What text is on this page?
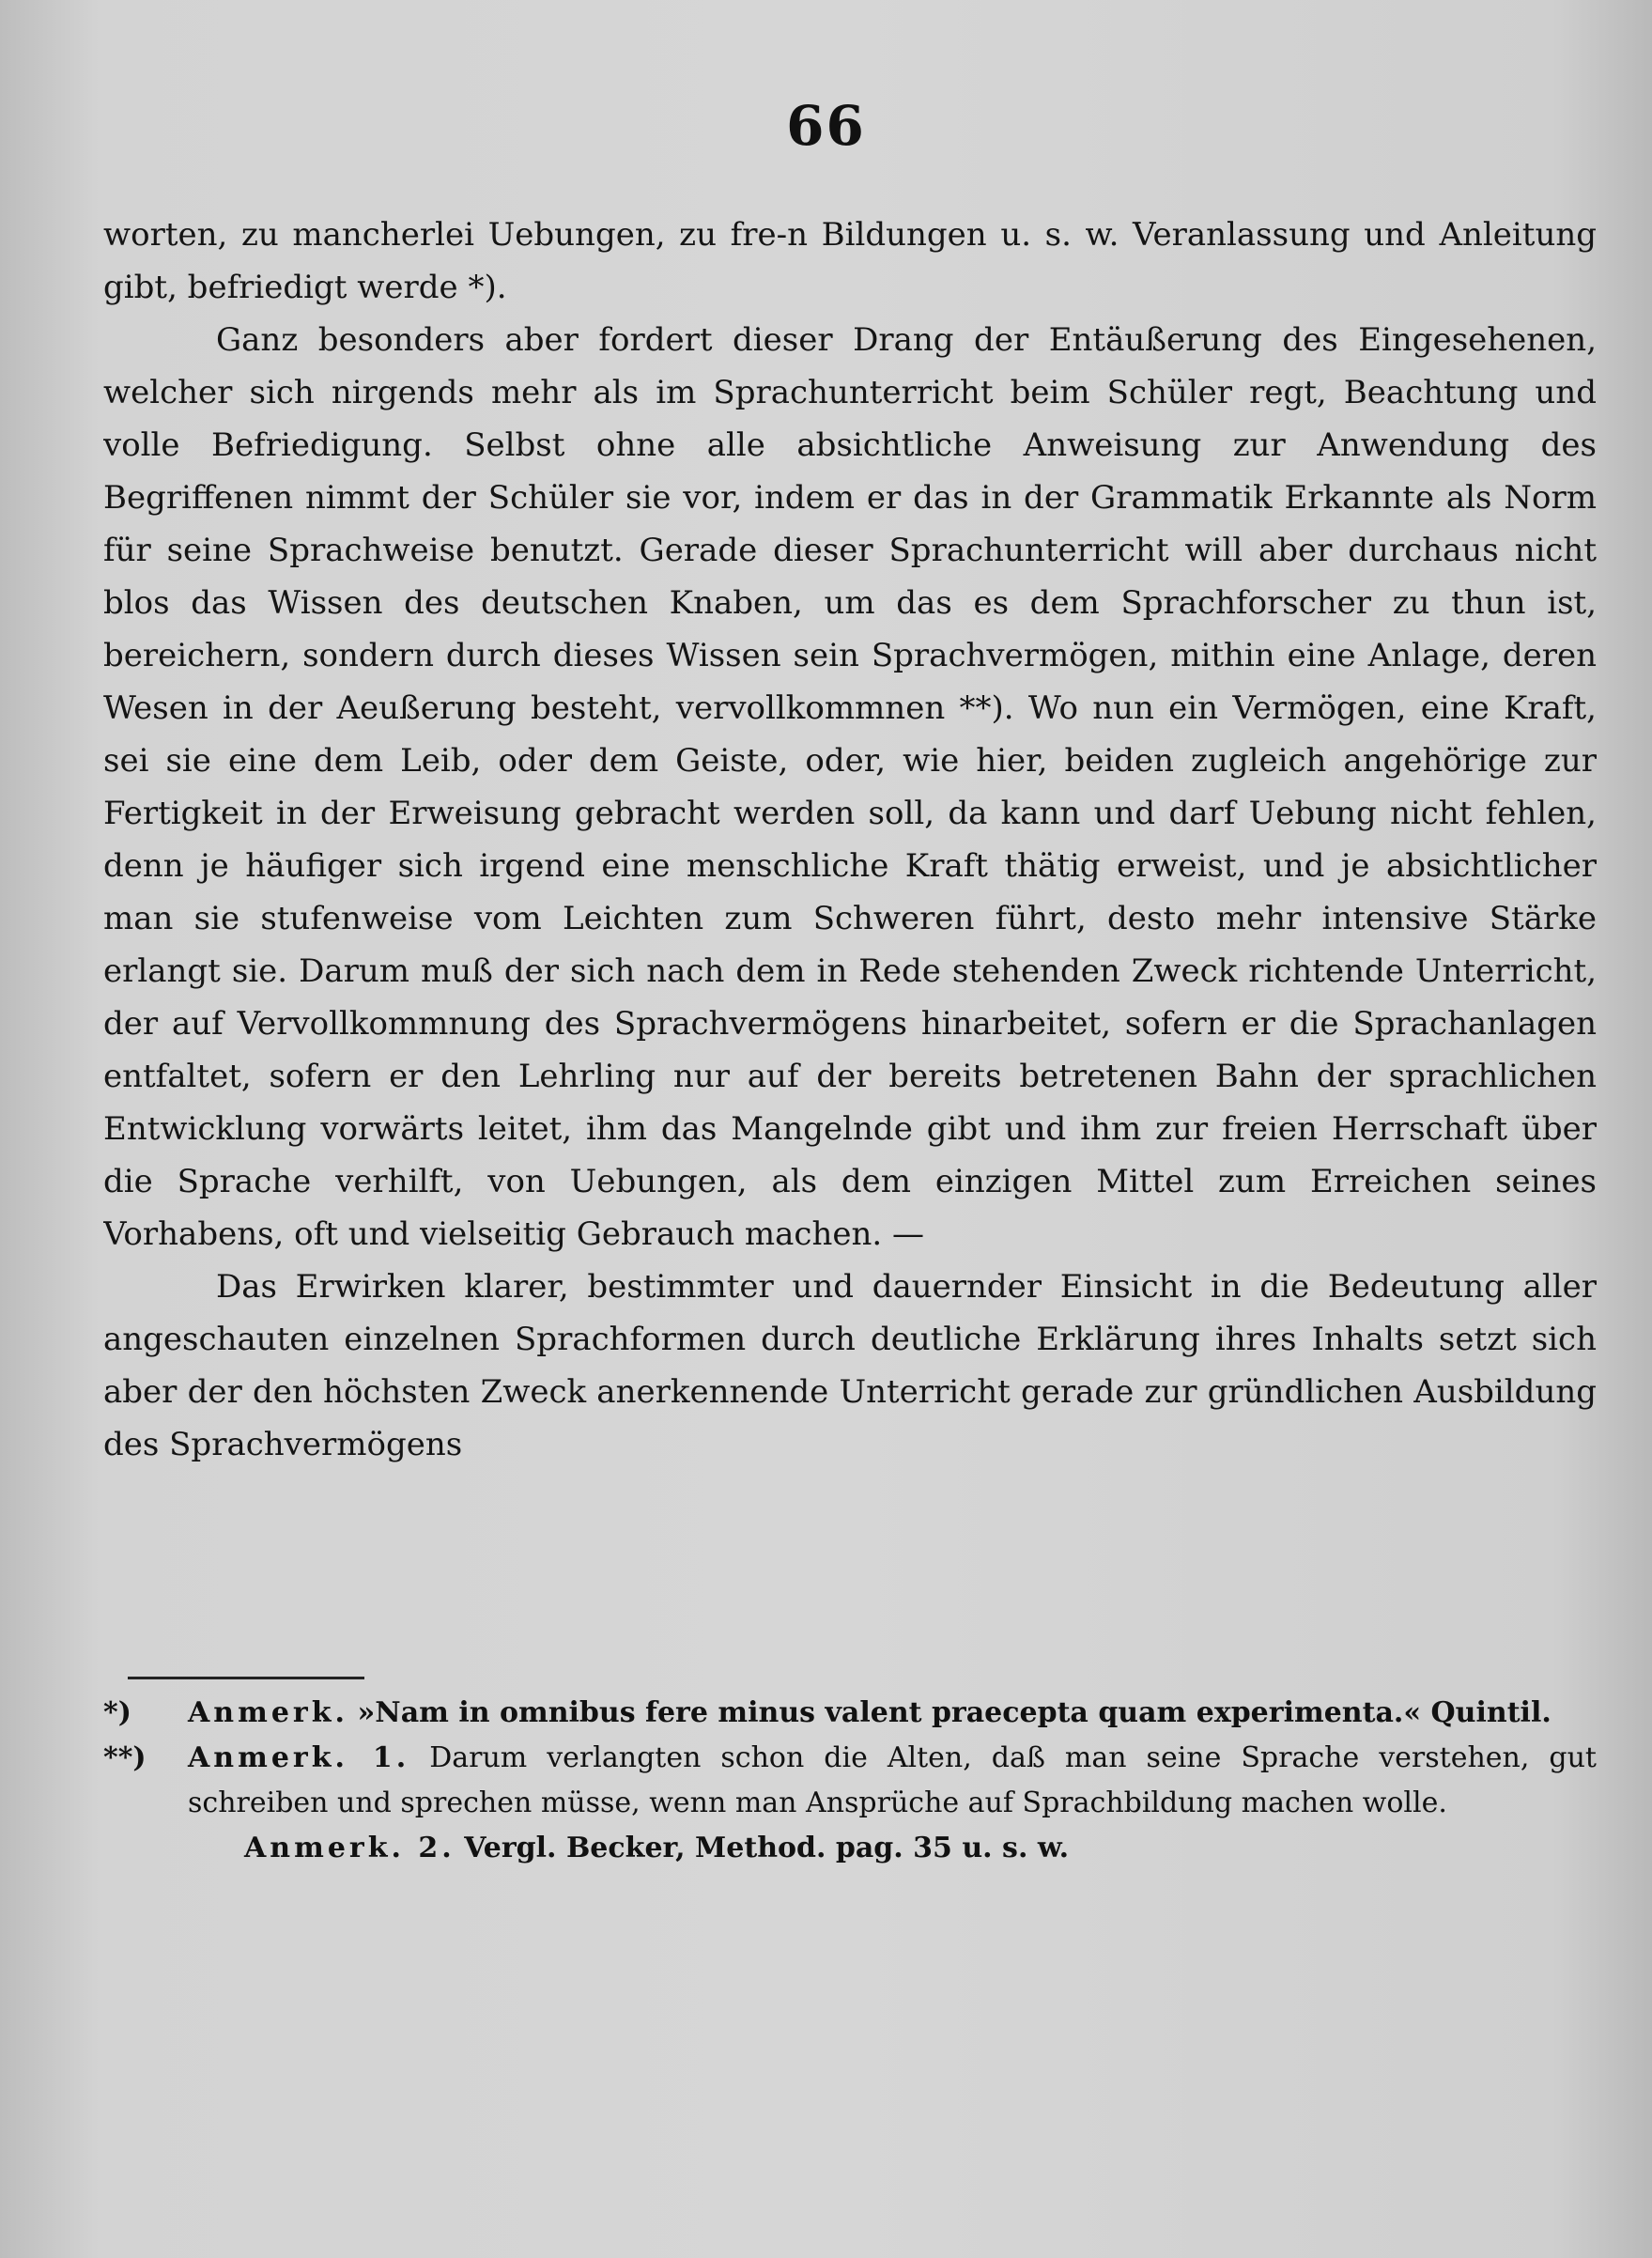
66

worten, zu mancherlei Uebungen, zu fre‑n Bildungen u. s. w. Veranlassung und Anleitung gibt, befriedigt werde *).

Ganz besonders aber fordert dieser Drang der Entäußerung des Eingesehenen, welcher sich nirgends mehr als im Sprachunterricht beim Schüler regt, Beachtung und volle Befriedigung. Selbst ohne alle absichtliche Anweisung zur Anwendung des Begriffenen nimmt der Schüler sie vor, indem er das in der Grammatik Erkannte als Norm für seine Sprachweise benutzt. Gerade dieser Sprachunterricht will aber durchaus nicht blos das Wissen des deutschen Knaben, um das es dem Sprachforscher zu thun ist, bereichern, sondern durch dieses Wissen sein Sprachvermögen, mithin eine Anlage, deren Wesen in der Aeußerung besteht, vervollkommnen **). Wo nun ein Vermögen, eine Kraft, sei sie eine dem Leib, oder dem Geiste, oder, wie hier, beiden zugleich angehörige zur Fertigkeit in der Erweisung gebracht werden soll, da kann und darf Uebung nicht fehlen, denn je häufiger sich irgend eine menschliche Kraft thätig erweist, und je absichtlicher man sie stufenweise vom Leichten zum Schweren führt, desto mehr intensive Stärke erlangt sie. Darum muß der sich nach dem in Rede stehenden Zweck richtende Unterricht, der auf Vervollkommnung des Sprachvermögens hinarbeitet, sofern er die Sprachanlagen entfaltet, sofern er den Lehrling nur auf der bereits betretenen Bahn der sprachlichen Entwicklung vorwärts leitet, ihm das Mangelnde gibt und ihm zur freien Herrschaft über die Sprache verhilft, von Uebungen, als dem einzigen Mittel zum Erreichen seines Vorhabens, oft und vielseitig Gebrauch machen. —

Das Erwirken klarer, bestimmter und dauernder Einsicht in die Bedeutung aller angeschauten einzelnen Sprachformen durch deutliche Erklärung ihres Inhalts setzt sich aber der den höchsten Zweck anerkennende Unterricht gerade zur gründlichen Ausbildung des Sprachvermögens

*)	Anmerk. »Nam in omnibus fere minus valent praecepta quam experimenta.« Quintil.
**)	Anmerk. 1. Darum verlangten schon die Alten, daß man seine Sprache verstehen, gut schreiben und sprechen müsse, wenn man Ansprüche auf Sprachbildung machen wolle.
Anmerk. 2. Vergl. Becker, Method. pag. 35 u. s. w.
